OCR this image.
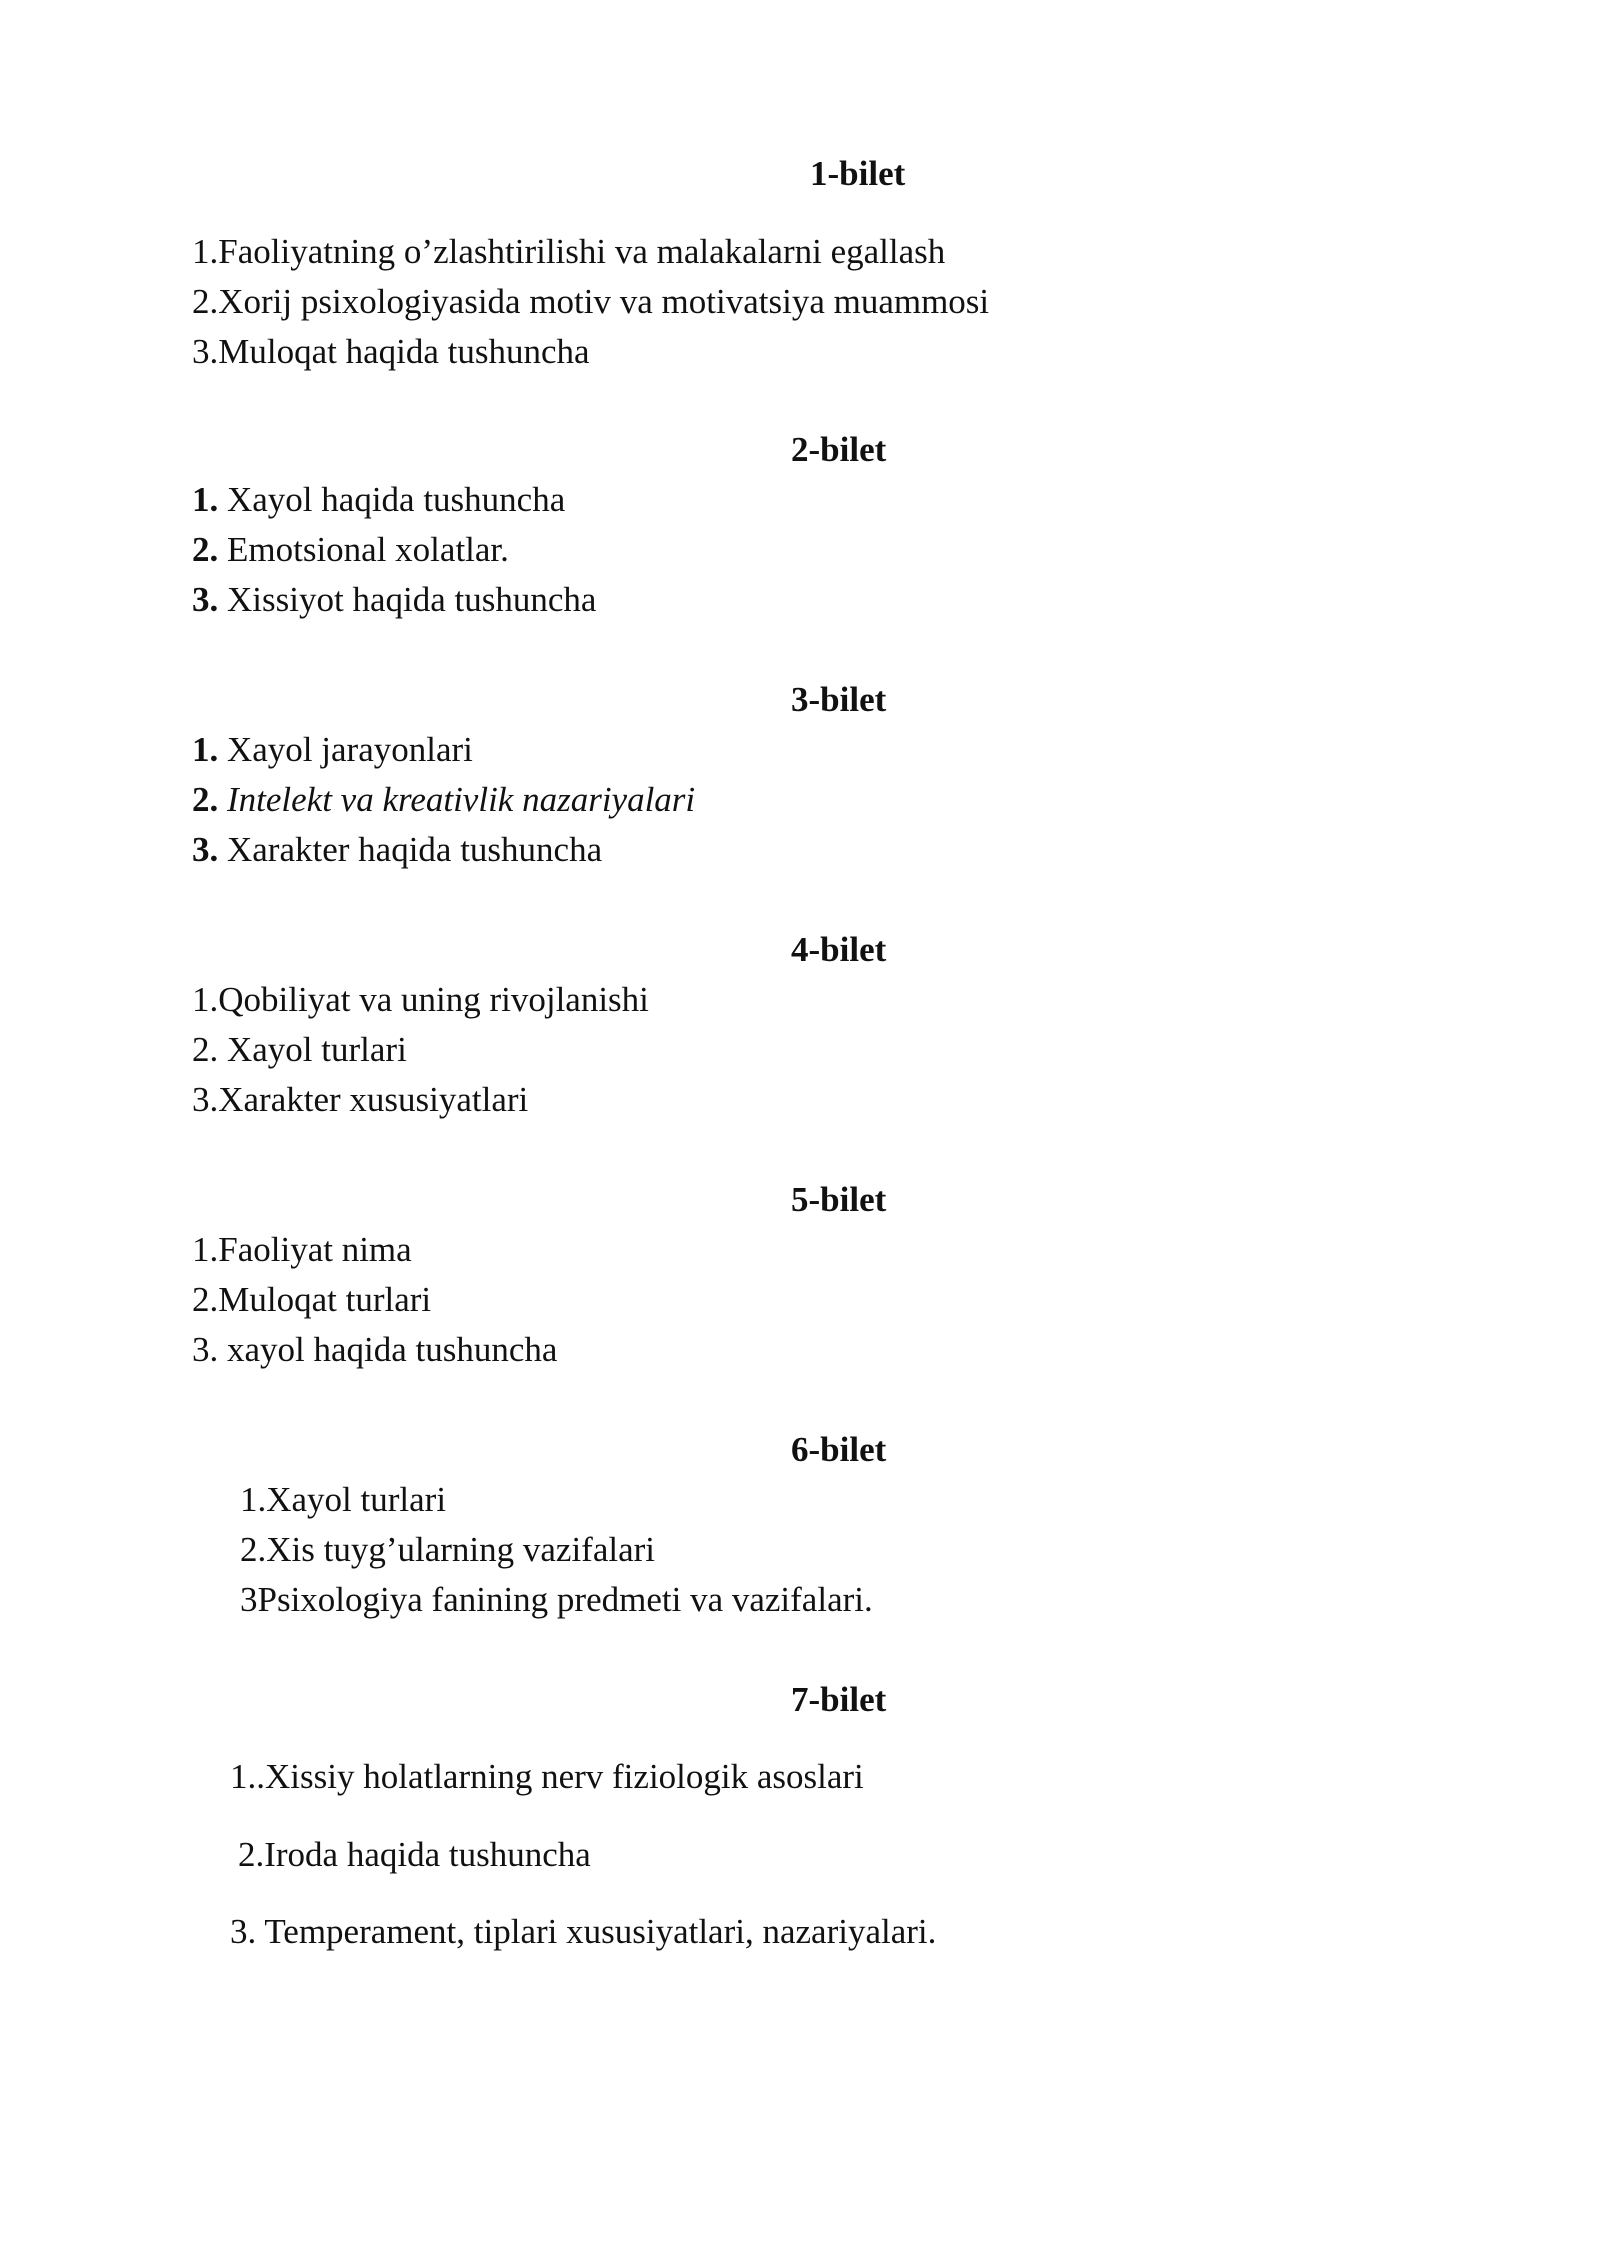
1-bilet
1.Faoliyatning o’zlashtirilishi va malakalarni egallash
2.Xorij psixologiyasida motiv va motivatsiya muammosi
3.Muloqat haqida tushuncha
2-bilet
1. Xayol haqida tushuncha
2. Emotsional xolatlar.
3. Xissiyot haqida tushuncha
3-bilet
1. Xayol jarayonlari
2. Intelekt va kreativlik nazariyalari
3. Xarakter haqida tushuncha
4-bilet
1.Qobiliyat va uning rivojlanishi
2. Xayol turlari
3.Xarakter xususiyatlari
5-bilet
1.Faoliyat nima
2.Muloqat turlari
3. xayol haqida tushuncha
6-bilet
1.Xayol turlari
2.Xis tuyg’ularning vazifalari
3Psixologiya fanining predmeti va vazifalari.
7-bilet
1..Xissiy holatlarning nerv fiziologik asoslari
2.Iroda haqida tushuncha
3. Temperament, tiplari xususiyatlari, nazariyalari.
